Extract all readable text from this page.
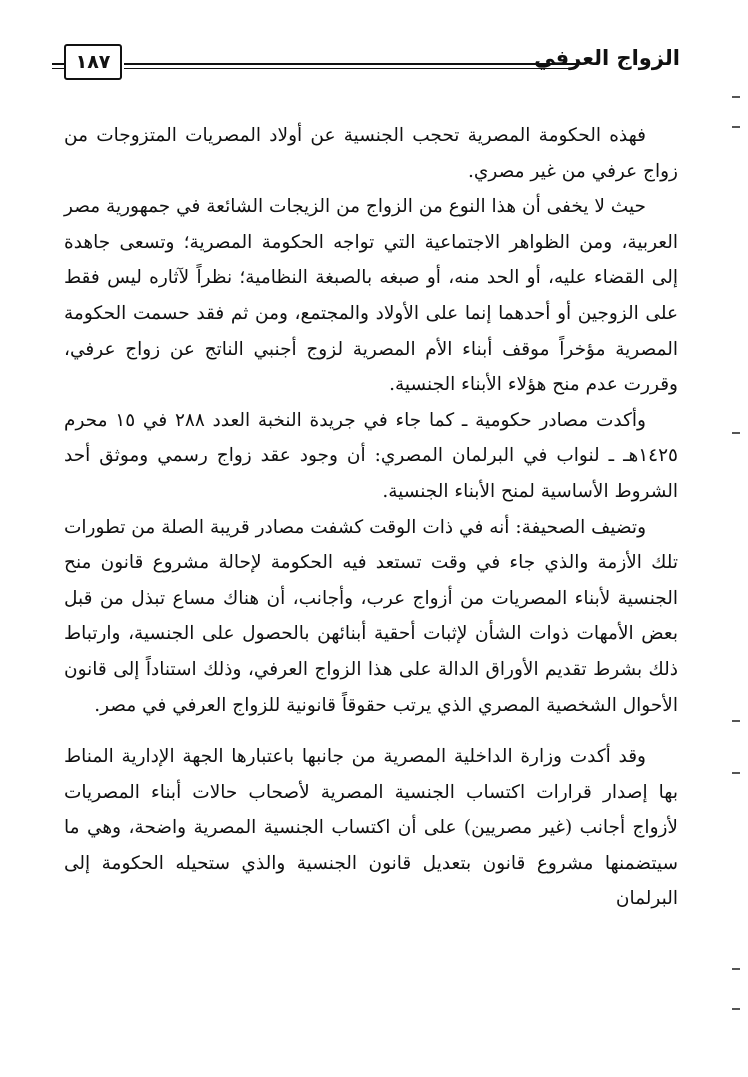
الزواج العرفي
١٨٧

فهذه الحكومة المصرية تحجب الجنسية عن أولاد المصريات المتزوجات من زواج عرفي من غير مصري.

حيث لا يخفى أن هذا النوع من الزواج من الزيجات الشائعة في جمهورية مصر العربية، ومن الظواهر الاجتماعية التي تواجه الحكومة المصرية؛ وتسعى جاهدة إلى القضاء عليه، أو الحد منه، أو صبغه بالصبغة النظامية؛ نظراً لآثاره ليس فقط على الزوجين أو أحدهما إنما على الأولاد والمجتمع، ومن ثم فقد حسمت الحكومة المصرية مؤخراً موقف أبناء الأم المصرية لزوج أجنبي الناتج عن زواج عرفي، وقررت عدم منح هؤلاء الأبناء الجنسية.

وأكدت مصادر حكومية ـ كما جاء في جريدة النخبة العدد ٢٨٨ في ١٥ محرم ١٤٢٥هـ ـ لنواب في البرلمان المصري: أن وجود عقد زواج رسمي وموثق أحد الشروط الأساسية لمنح الأبناء الجنسية.

وتضيف الصحيفة: أنه في ذات الوقت كشفت مصادر قريبة الصلة من تطورات تلك الأزمة والذي جاء في وقت تستعد فيه الحكومة لإحالة مشروع قانون منح الجنسية لأبناء المصريات من أزواج عرب، وأجانب، أن هناك مساع تبذل من قبل بعض الأمهات ذوات الشأن لإثبات أحقية أبنائهن بالحصول على الجنسية، وارتباط ذلك بشرط تقديم الأوراق الدالة على هذا الزواج العرفي، وذلك استناداً إلى قانون الأحوال الشخصية المصري الذي يرتب حقوقاً قانونية للزواج العرفي في مصر.

وقد أكدت وزارة الداخلية المصرية من جانبها باعتبارها الجهة الإدارية المناط بها إصدار قرارات اكتساب الجنسية المصرية لأصحاب حالات أبناء المصريات لأزواج أجانب (غير مصريين) على أن اكتساب الجنسية المصرية واضحة، وهي ما سيتضمنها مشروع قانون بتعديل قانون الجنسية والذي ستحيله الحكومة إلى البرلمان
